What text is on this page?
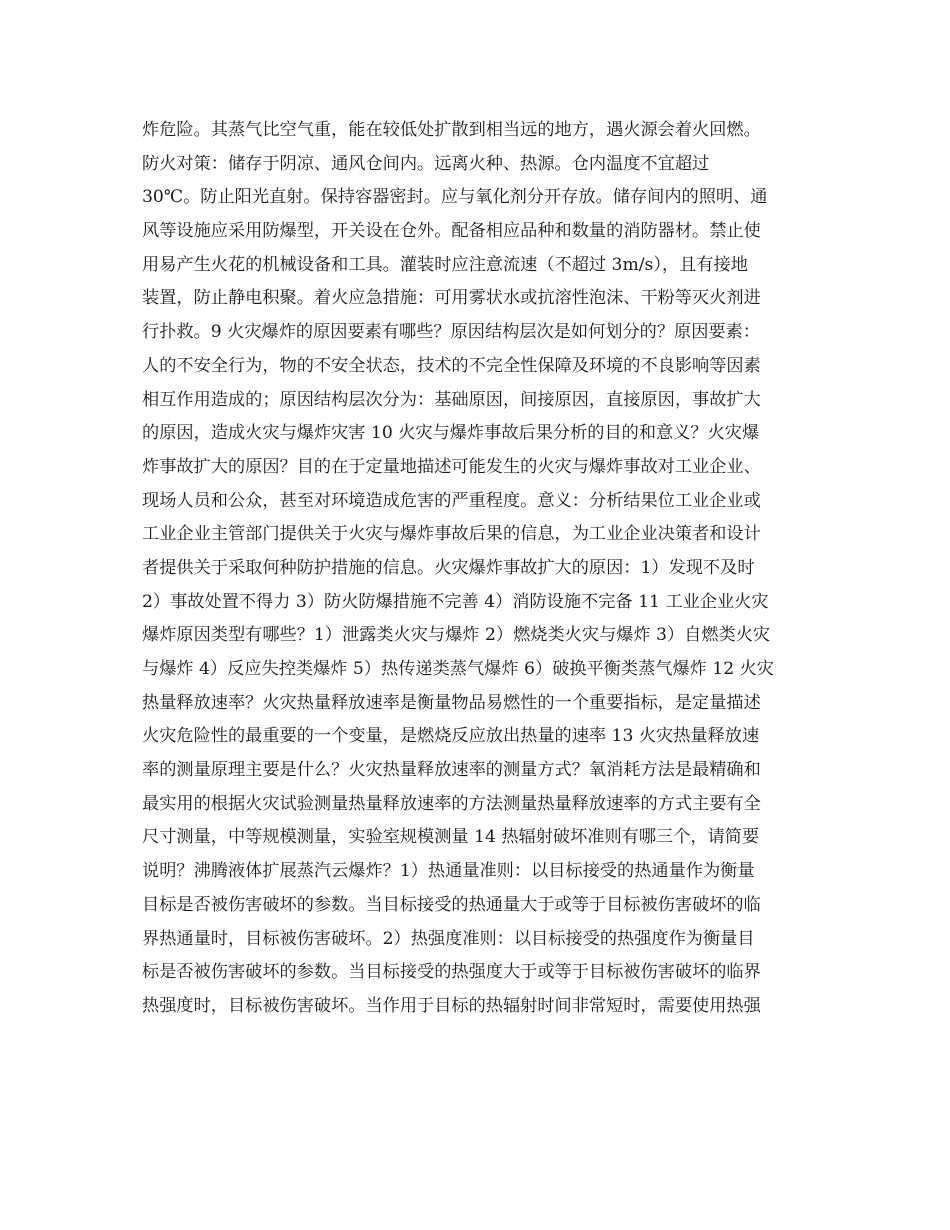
炸危险。其蒸气比空气重，能在较低处扩散到相当远的地方，遇火源会着火回燃。
防火对策：储存于阴凉、通风仓间内。远离火种、热源。仓内温度不宜超过
30℃。防止阳光直射。保持容器密封。应与氧化剂分开存放。储存间内的照明、通
风等设施应采用防爆型，开关设在仓外。配备相应品种和数量的消防器材。禁止使
用易产生火花的机械设备和工具。灌装时应注意流速（不超过 3m/s），且有接地
装置，防止静电积聚。着火应急措施：可用雾状水或抗溶性泡沫、干粉等灭火剂进
行扑救。9 火灾爆炸的原因要素有哪些？原因结构层次是如何划分的？原因要素：
人的不安全行为，物的不安全状态，技术的不完全性保障及环境的不良影响等因素
相互作用造成的；原因结构层次分为：基础原因，间接原因，直接原因，事故扩大
的原因，造成火灾与爆炸灾害 10 火灾与爆炸事故后果分析的目的和意义？火灾爆
炸事故扩大的原因？目的在于定量地描述可能发生的火灾与爆炸事故对工业企业、
现场人员和公众，甚至对环境造成危害的严重程度。意义：分析结果位工业企业或
工业企业主管部门提供关于火灾与爆炸事故后果的信息，为工业企业决策者和设计
者提供关于采取何种防护措施的信息。火灾爆炸事故扩大的原因：1）发现不及时
2）事故处置不得力 3）防火防爆措施不完善 4）消防设施不完备 11 工业企业火灾
爆炸原因类型有哪些？1）泄露类火灾与爆炸 2）燃烧类火灾与爆炸 3）自燃类火灾
与爆炸 4）反应失控类爆炸 5）热传递类蒸气爆炸 6）破换平衡类蒸气爆炸 12 火灾
热量释放速率？火灾热量释放速率是衡量物品易燃性的一个重要指标，是定量描述
火灾危险性的最重要的一个变量，是燃烧反应放出热量的速率 13 火灾热量释放速
率的测量原理主要是什么？火灾热量释放速率的测量方式？氧消耗方法是最精确和
最实用的根据火灾试验测量热量释放速率的方法测量热量释放速率的方式主要有全
尺寸测量，中等规模测量，实验室规模测量 14 热辐射破坏准则有哪三个，请简要
说明？沸腾液体扩展蒸汽云爆炸？1）热通量准则：以目标接受的热通量作为衡量
目标是否被伤害破坏的参数。当目标接受的热通量大于或等于目标被伤害破坏的临
界热通量时，目标被伤害破坏。2）热强度准则：以目标接受的热强度作为衡量目
标是否被伤害破坏的参数。当目标接受的热强度大于或等于目标被伤害破坏的临界
热强度时，目标被伤害破坏。当作用于目标的热辐射时间非常短时，需要使用热强
